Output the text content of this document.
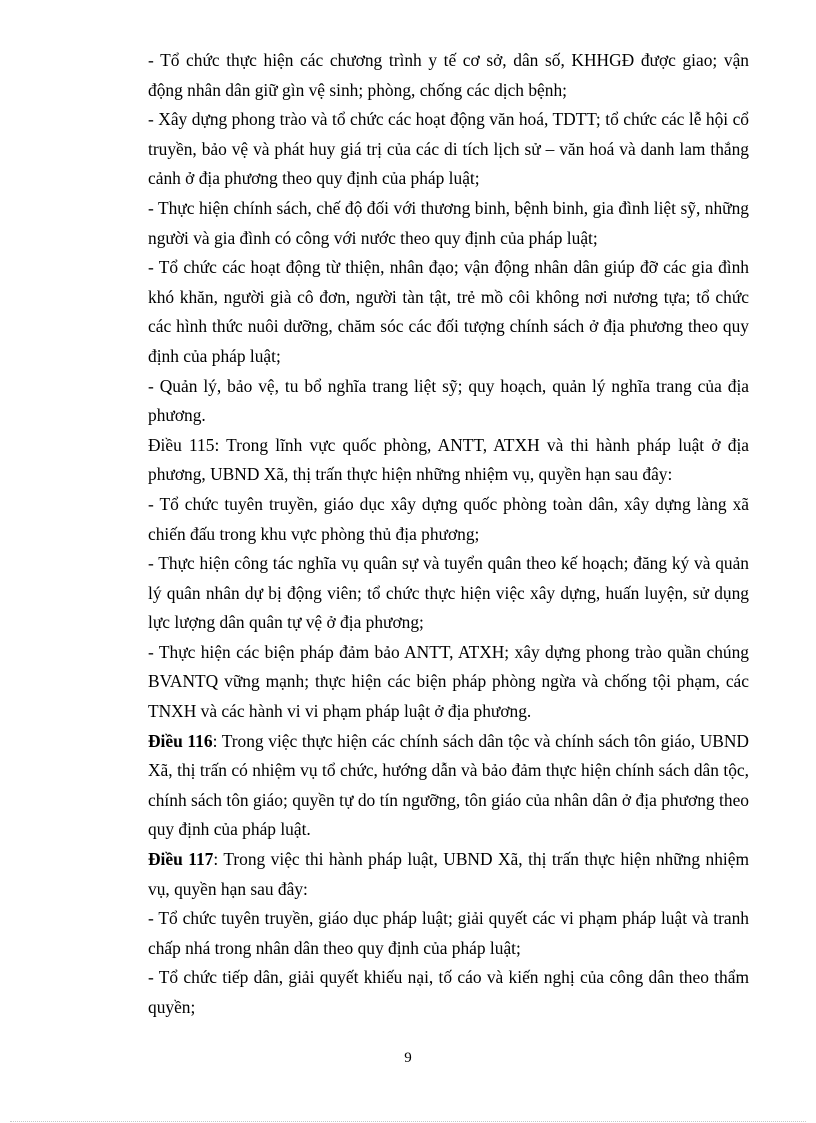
- Tổ chức thực hiện các chương trình y tế cơ sở, dân số, KHHGĐ được giao; vận động nhân dân giữ gìn vệ sinh; phòng, chống các dịch bệnh;

- Xây dựng phong trào và tổ chức các hoạt động văn hoá, TDTT; tổ chức các lễ hội cổ truyền, bảo vệ và phát huy giá trị của các di tích lịch sử – văn hoá và danh lam thắng cảnh ở địa phương theo quy định của pháp luật;

- Thực hiện chính sách, chế độ đối với thương binh, bệnh binh, gia đình liệt sỹ, những người và gia đình có công với nước theo quy định của pháp luật;

- Tổ chức các hoạt động từ thiện, nhân đạo; vận động nhân dân giúp đỡ các gia đình khó khăn, người già cô đơn, người tàn tật, trẻ mồ côi không nơi nương tựa; tổ chức các hình thức nuôi dưỡng, chăm sóc các đối tượng chính sách ở địa phương theo quy định của pháp luật;

- Quản lý, bảo vệ, tu bổ nghĩa trang liệt sỹ; quy hoạch, quản lý nghĩa trang của địa phương.

Điều 115: Trong lĩnh vực quốc phòng, ANTT, ATXH và thi hành pháp luật ở địa phương, UBND Xã, thị trấn thực hiện những nhiệm vụ, quyền hạn sau đây:

- Tổ chức tuyên truyền, giáo dục xây dựng quốc phòng toàn dân, xây dựng làng xã chiến đấu trong khu vực phòng thủ địa phương;

- Thực hiện công tác nghĩa vụ quân sự và tuyển quân theo kế hoạch; đăng ký và quản lý quân nhân dự bị động viên; tổ chức thực hiện việc xây dựng, huấn luyện, sử dụng lực lượng dân quân tự vệ ở địa phương;

- Thực hiện các biện pháp đảm bảo ANTT, ATXH; xây dựng phong trào quần chúng BVANTQ vững mạnh; thực hiện các biện pháp phòng ngừa và chống tội phạm, các TNXH và các hành vi vi phạm pháp luật ở địa phương.

Điều 116: Trong việc thực hiện các chính sách dân tộc và chính sách tôn giáo, UBND Xã, thị trấn có nhiệm vụ tổ chức, hướng dẫn và bảo đảm thực hiện chính sách dân tộc, chính sách tôn giáo; quyền tự do tín ngưỡng, tôn giáo của nhân dân ở địa phương theo quy định của pháp luật.

Điều 117: Trong việc thi hành pháp luật, UBND Xã, thị trấn thực hiện những nhiệm vụ, quyền hạn sau đây:

- Tổ chức tuyên truyền, giáo dục pháp luật; giải quyết các vi phạm pháp luật và tranh chấp nhá trong nhân dân theo quy định của pháp luật;

- Tổ chức tiếp dân, giải quyết khiếu nại, tố cáo và kiến nghị của công dân theo thẩm quyền;

9
